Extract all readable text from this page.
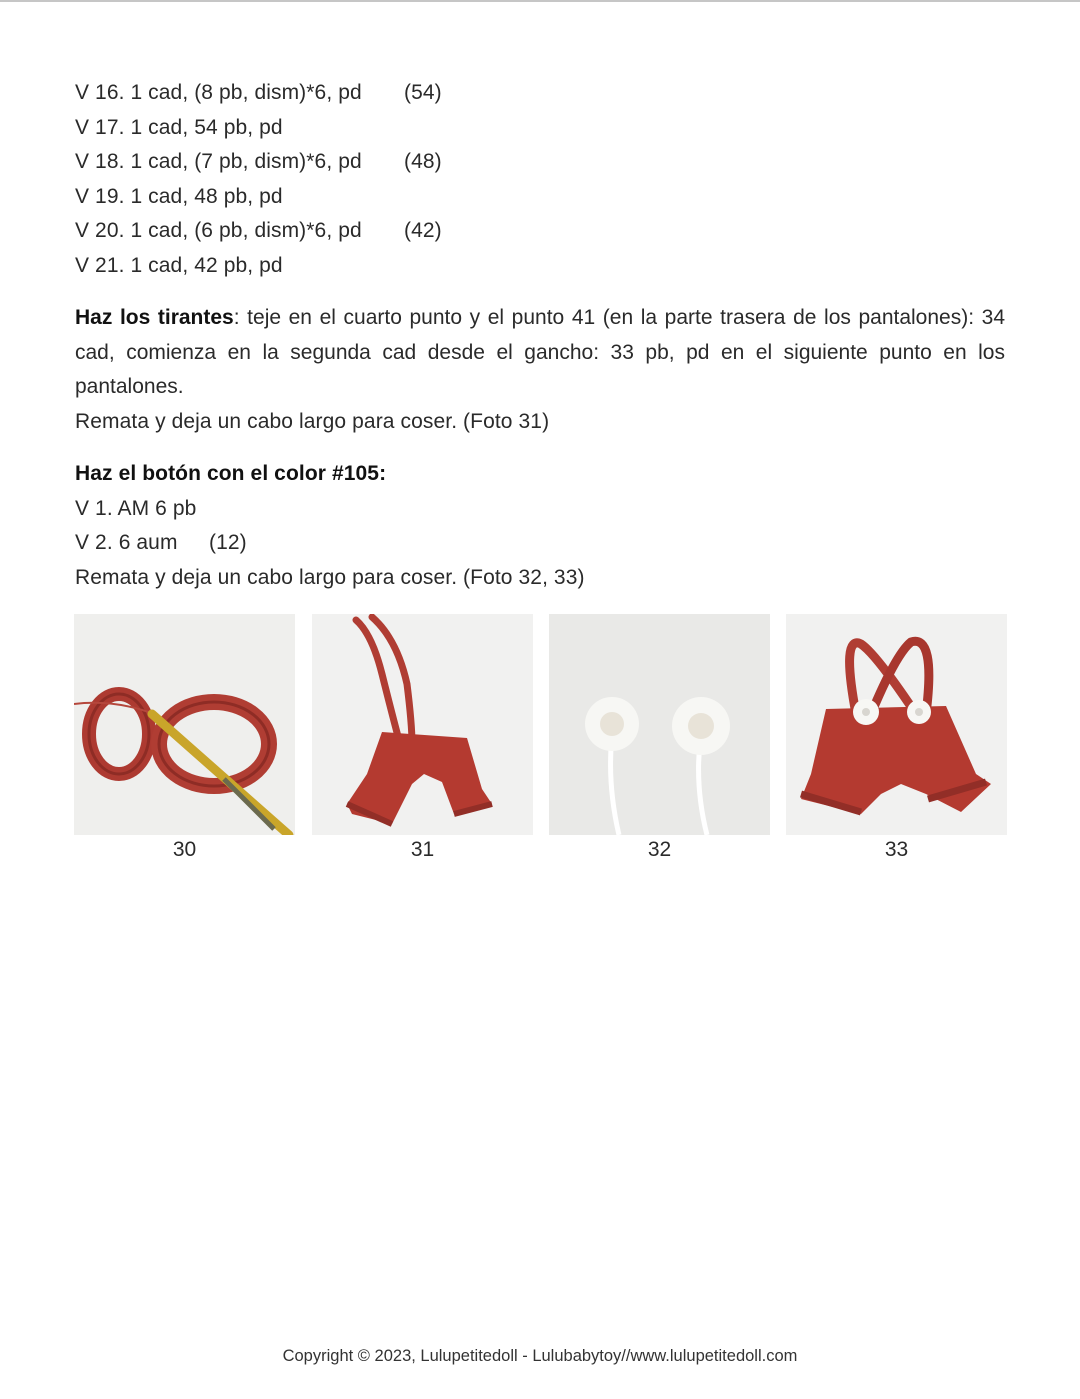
V 16. 1 cad, (8 pb, dism)*6, pd	(54)
V 17. 1 cad, 54 pb, pd
V 18. 1 cad, (7 pb, dism)*6, pd	(48)
V 19. 1 cad, 48 pb, pd
V 20. 1 cad, (6 pb, dism)*6, pd	(42)
V 21. 1 cad, 42 pb, pd
Haz los tirantes: teje en el cuarto punto y el punto 41 (en la parte trasera de los pantalones): 34 cad, comienza en la segunda cad desde el gancho: 33 pb, pd en el siguiente punto en los pantalones.
Remata y deja un cabo largo para coser. (Foto 31)
Haz el botón con el color #105:
V 1. AM 6 pb
V 2. 6 aum	(12)
Remata y deja un cabo largo para coser. (Foto 32, 33)
30	31	32	33
Copyright © 2023, Lulupetitedoll - Lulubabytoy//www.lulupetitedoll.com
